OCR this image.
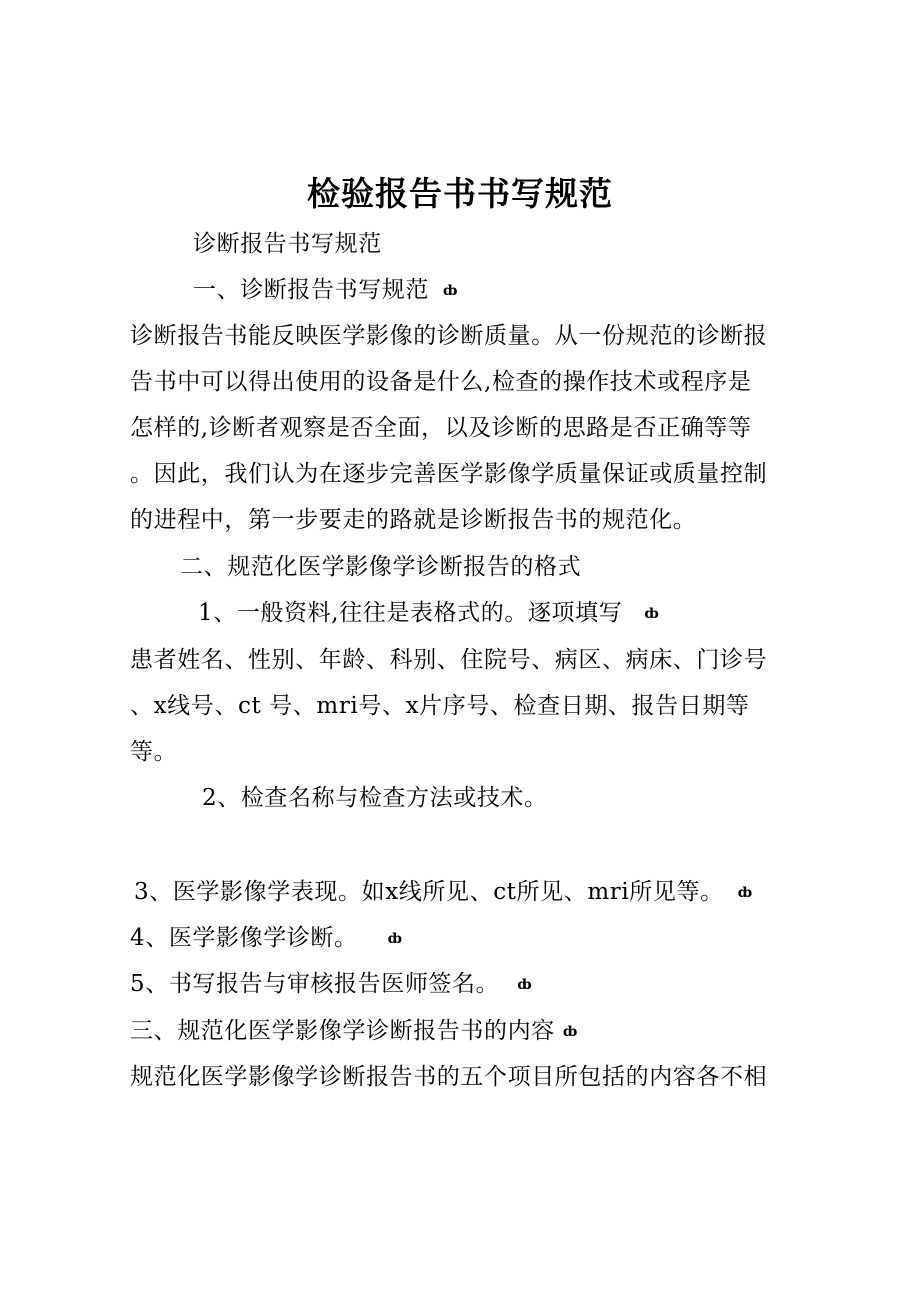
检验报告书书写规范
诊断报告书写规范
一、诊断报告书写规范 ȸ
诊断报告书能反映医学影像的诊断质量。从一份规范的诊断报
告书中可以得出使用的设备是什么,检查的操作技术或程序是
怎样的,诊断者观察是否全面，以及诊断的思路是否正确等等
。因此，我们认为在逐步完善医学影像学质量保证或质量控制
的进程中，第一步要走的路就是诊断报告书的规范化。
二、规范化医学影像学诊断报告的格式
1、一般资料,往往是表格式的。逐项填写 ȸ
患者姓名、性别、年龄、科别、住院号、病区、病床、门诊号
、x线号、ct 号、mri号、x片序号、检查日期、报告日期等
等。
2、检查名称与检查方法或技术。
3、医学影像学表现。如x线所见、ct所见、mri所见等。 ȸ
4、医学影像学诊断。 ȸ
5、书写报告与审核报告医师签名。 ȸ
三、规范化医学影像学诊断报告书的内容 ȸ
规范化医学影像学诊断报告书的五个项目所包括的内容各不相
